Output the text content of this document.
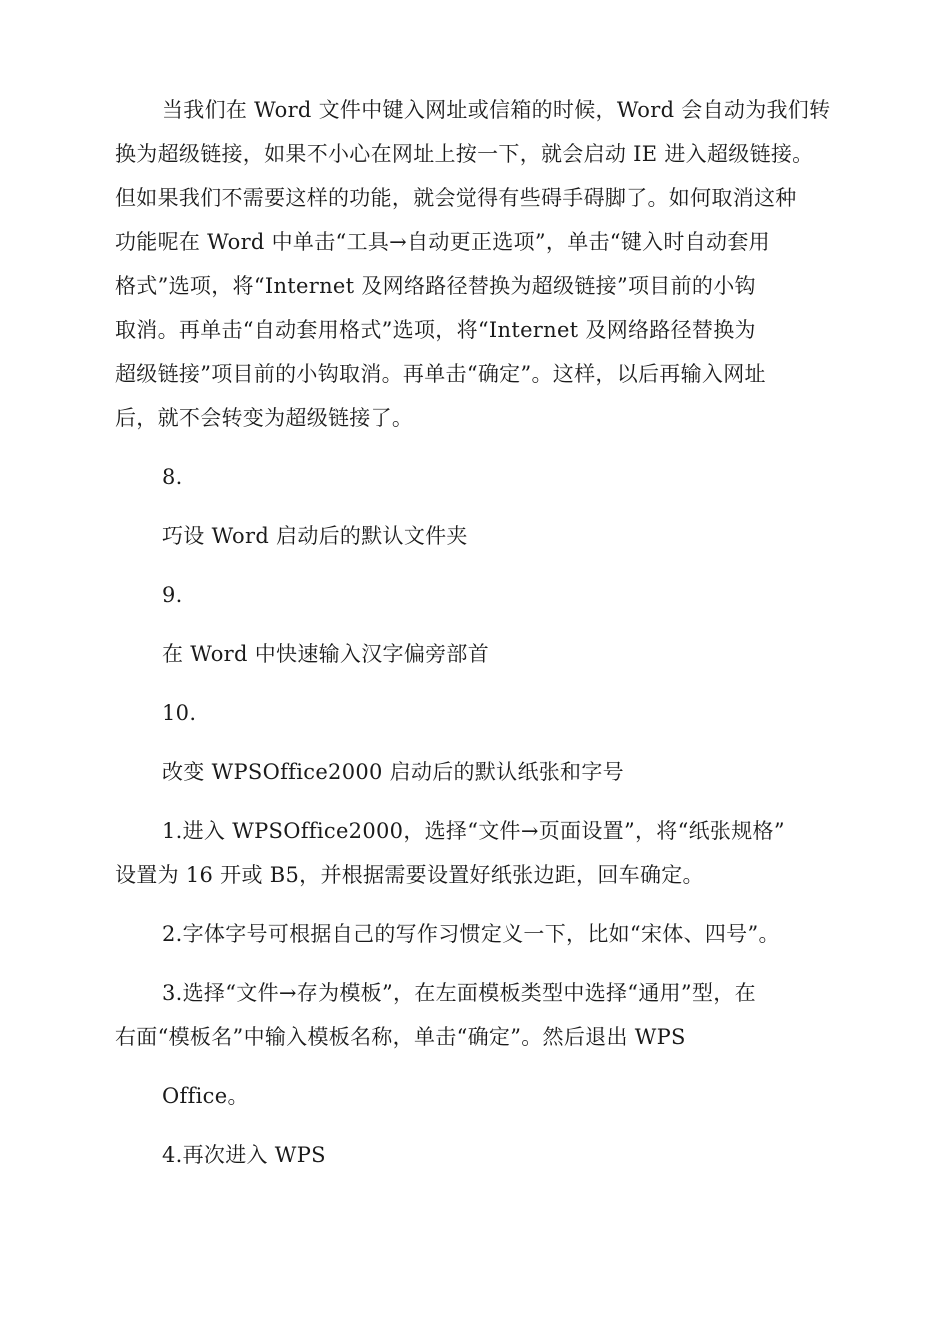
当我们在 Word 文件中键入网址或信箱的时候，Word 会自动为我们转
换为超级链接，如果不小心在网址上按一下，就会启动 IE 进入超级链接。
但如果我们不需要这样的功能，就会觉得有些碍手碍脚了。如何取消这种
功能呢在 Word 中单击“工具→自动更正选项”，单击“键入时自动套用
格式”选项，将“Internet 及网络路径替换为超级链接”项目前的小钩
取消。再单击“自动套用格式”选项，将“Internet 及网络路径替换为
超级链接”项目前的小钩取消。再单击“确定”。这样，以后再输入网址
后，就不会转变为超级链接了。
8.
巧设 Word 启动后的默认文件夹
9.
在 Word 中快速输入汉字偏旁部首
10.
改变 WPSOffice2000 启动后的默认纸张和字号
1.进入 WPSOffice2000，选择“文件→页面设置”，将“纸张规格”
设置为 16 开或 B5，并根据需要设置好纸张边距，回车确定。
2.字体字号可根据自己的写作习惯定义一下，比如“宋体、四号”。
3.选择“文件→存为模板”，在左面模板类型中选择“通用”型，在
右面“模板名”中输入模板名称，单击“确定”。然后退出 WPS
Office。
4.再次进入 WPS
